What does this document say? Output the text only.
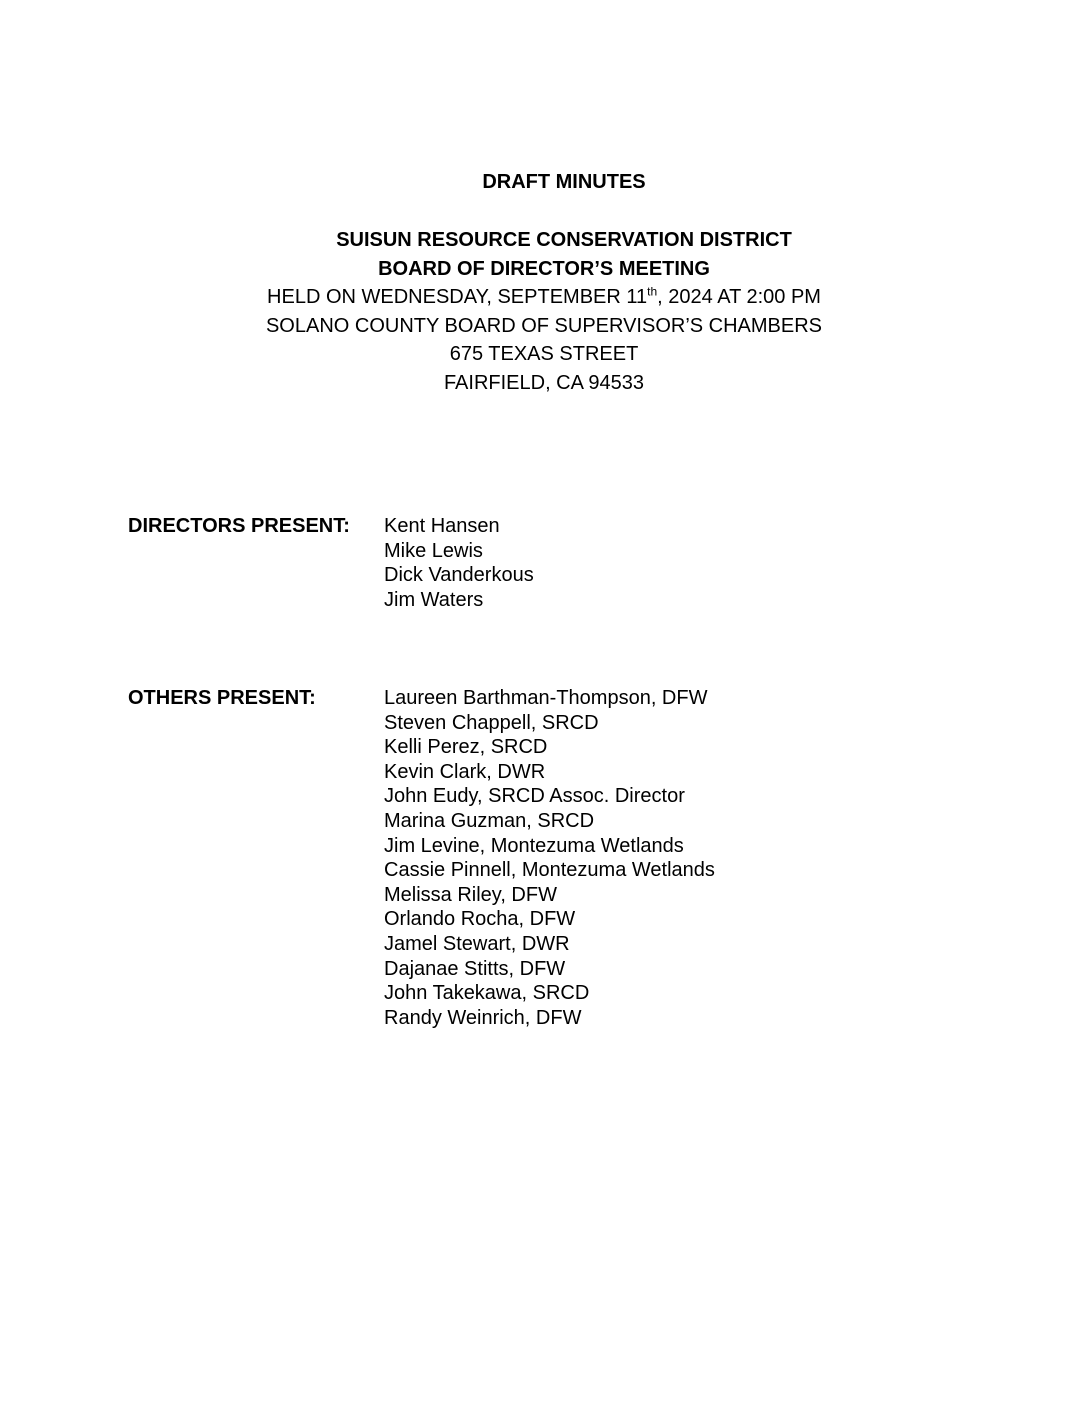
DRAFT MINUTES
SUISUN RESOURCE CONSERVATION DISTRICT
BOARD OF DIRECTOR’S MEETING
HELD ON WEDNESDAY, SEPTEMBER 11th, 2024 AT 2:00 PM
SOLANO COUNTY BOARD OF SUPERVISOR’S CHAMBERS
675 TEXAS STREET
FAIRFIELD, CA 94533
DIRECTORS PRESENT: Kent Hansen
Mike Lewis
Dick Vanderkous
Jim Waters
OTHERS PRESENT:	Laureen Barthman-Thompson, DFW
Steven Chappell, SRCD
Kelli Perez, SRCD
Kevin Clark, DWR
John Eudy, SRCD Assoc. Director
Marina Guzman, SRCD
Jim Levine, Montezuma Wetlands
Cassie Pinnell, Montezuma Wetlands
Melissa Riley, DFW
Orlando Rocha, DFW
Jamel Stewart, DWR
Dajanae Stitts, DFW
John Takekawa, SRCD
Randy Weinrich, DFW
